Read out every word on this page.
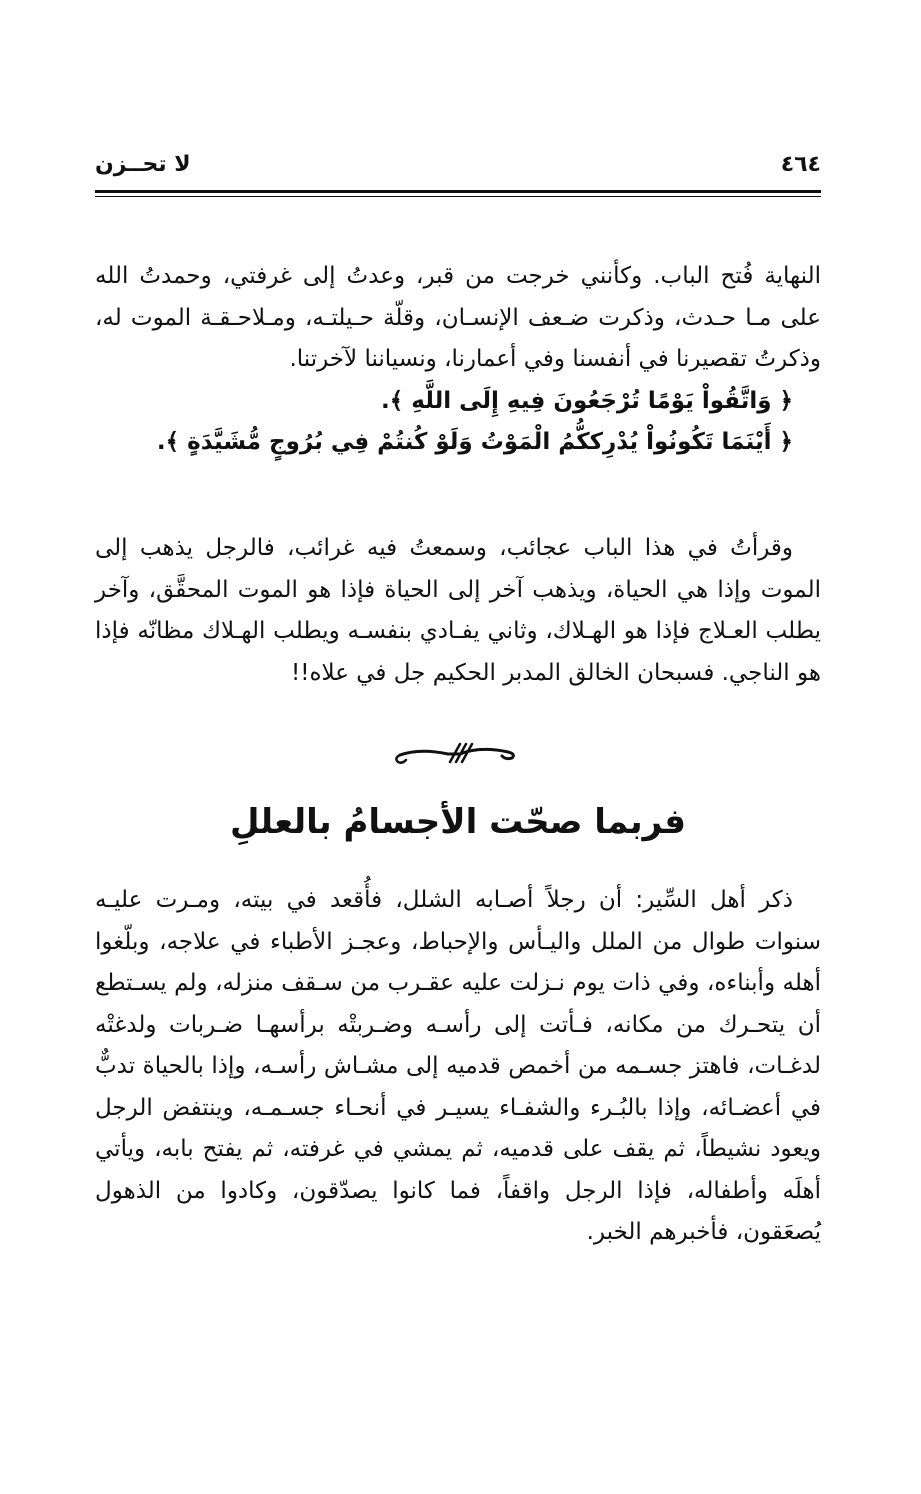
٤٦٤
لا تحــزن

النهاية فُتح الباب. وكأنني خرجت من قبر، وعدتُ إلى غرفتي، وحمدتُ الله على مـا حـدث، وذكرت ضـعف الإنسـان، وقلّة حـيلتـه، ومـلاحـقـة الموت له، وذكرتُ تقصيرنا في أنفسنا وفي أعمارنا، ونسياننا لآخرتنا.

﴿ وَاتَّقُواْ يَوْمًا تُرْجَعُونَ فِيهِ إِلَى اللَّهِ ﴾.

﴿ أَيْنَمَا تَكُونُواْ يُدْرِككُّمُ الْمَوْتُ وَلَوْ كُنتُمْ فِي بُرُوجٍ مُّشَيَّدَةٍ ﴾.

وقرأتُ في هذا الباب عجائب، وسمعتُ فيه غرائب، فالرجل يذهب إلى الموت وإذا هي الحياة، ويذهب آخر إلى الحياة فإذا هو الموت المحقَّق، وآخر يطلب العـلاج فإذا هو الهـلاك، وثاني يفـادي بنفسـه ويطلب الهـلاك مظانّه فإذا هو الناجي. فسبحان الخالق المدبر الحكيم جل في علاه!!

فربما صحّت الأجسامُ بالعللِ

ذكر أهل السِّير: أن رجلاً أصـابه الشلل، فأُقعد في بيته، ومـرت عليـه سنوات طوال من الملل واليـأس والإحباط، وعجـز الأطباء في علاجه، وبلّغوا أهله وأبناءه، وفي ذات يوم نـزلت عليه عقـرب من سـقف منزله، ولم يسـتطع أن يتحـرك من مكانه، فـأتت إلى رأسـه وضـربتْه برأسهـا ضـربات ولدغتْه لدغـات، فاهتز جسـمه من أخمص قدميه إلى مشـاش رأسـه، وإذا بالحياة تدبٌّ في أعضـائه، وإذا بالبُـرء والشفـاء يسيـر في أنحـاء جسـمـه، وينتفض الرجل ويعود نشيطاً، ثم يقف على قدميه، ثم يمشي في غرفته، ثم يفتح بابه، ويأتي أهلَه وأطفاله، فإذا الرجل واقفاً، فما كانوا يصدّقون، وكادوا من الذهول يُصعَقون، فأخبرهم الخبر.
